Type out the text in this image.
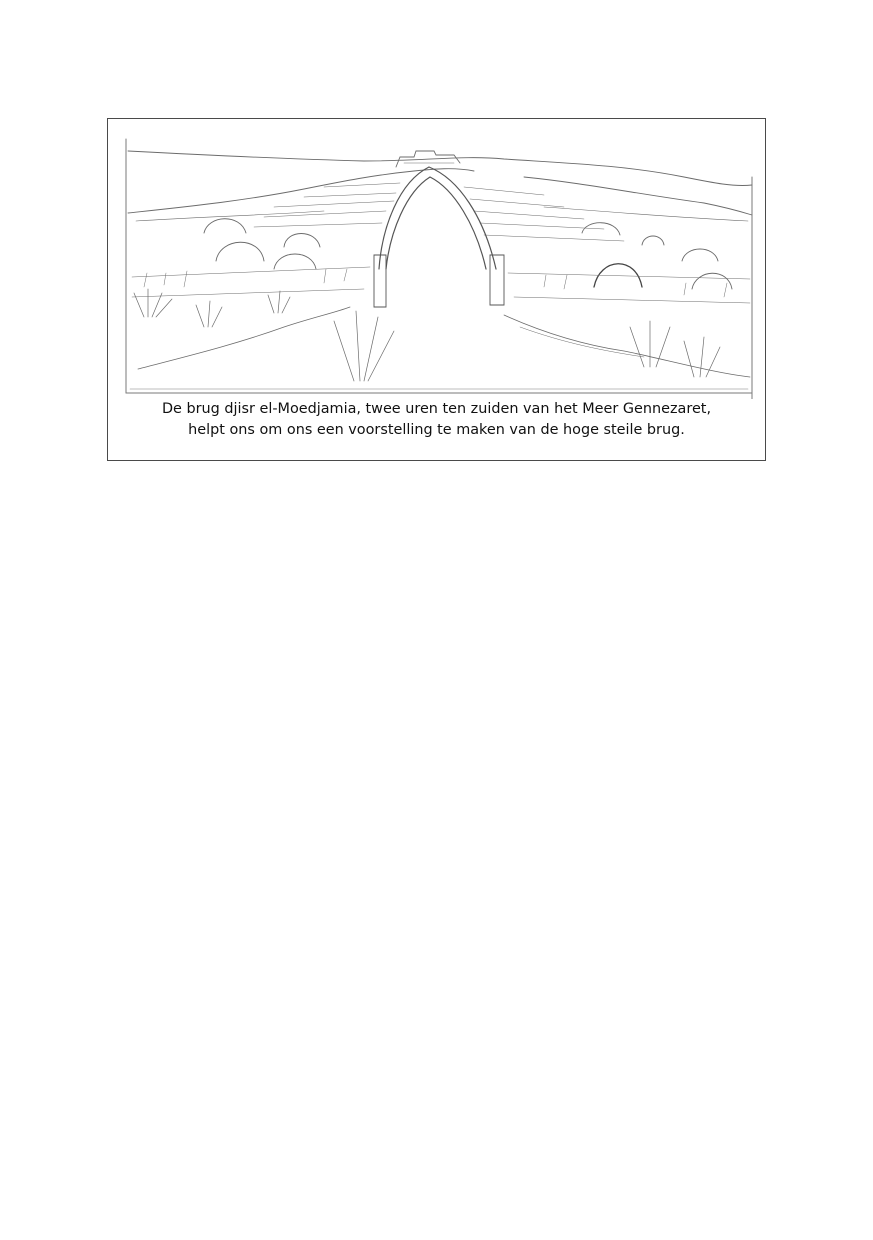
De brug djisr el-Moedjamia, twee uren ten zuiden van het Meer Gennezaret,
helpt ons om ons een voorstelling te maken van de hoge steile brug.
